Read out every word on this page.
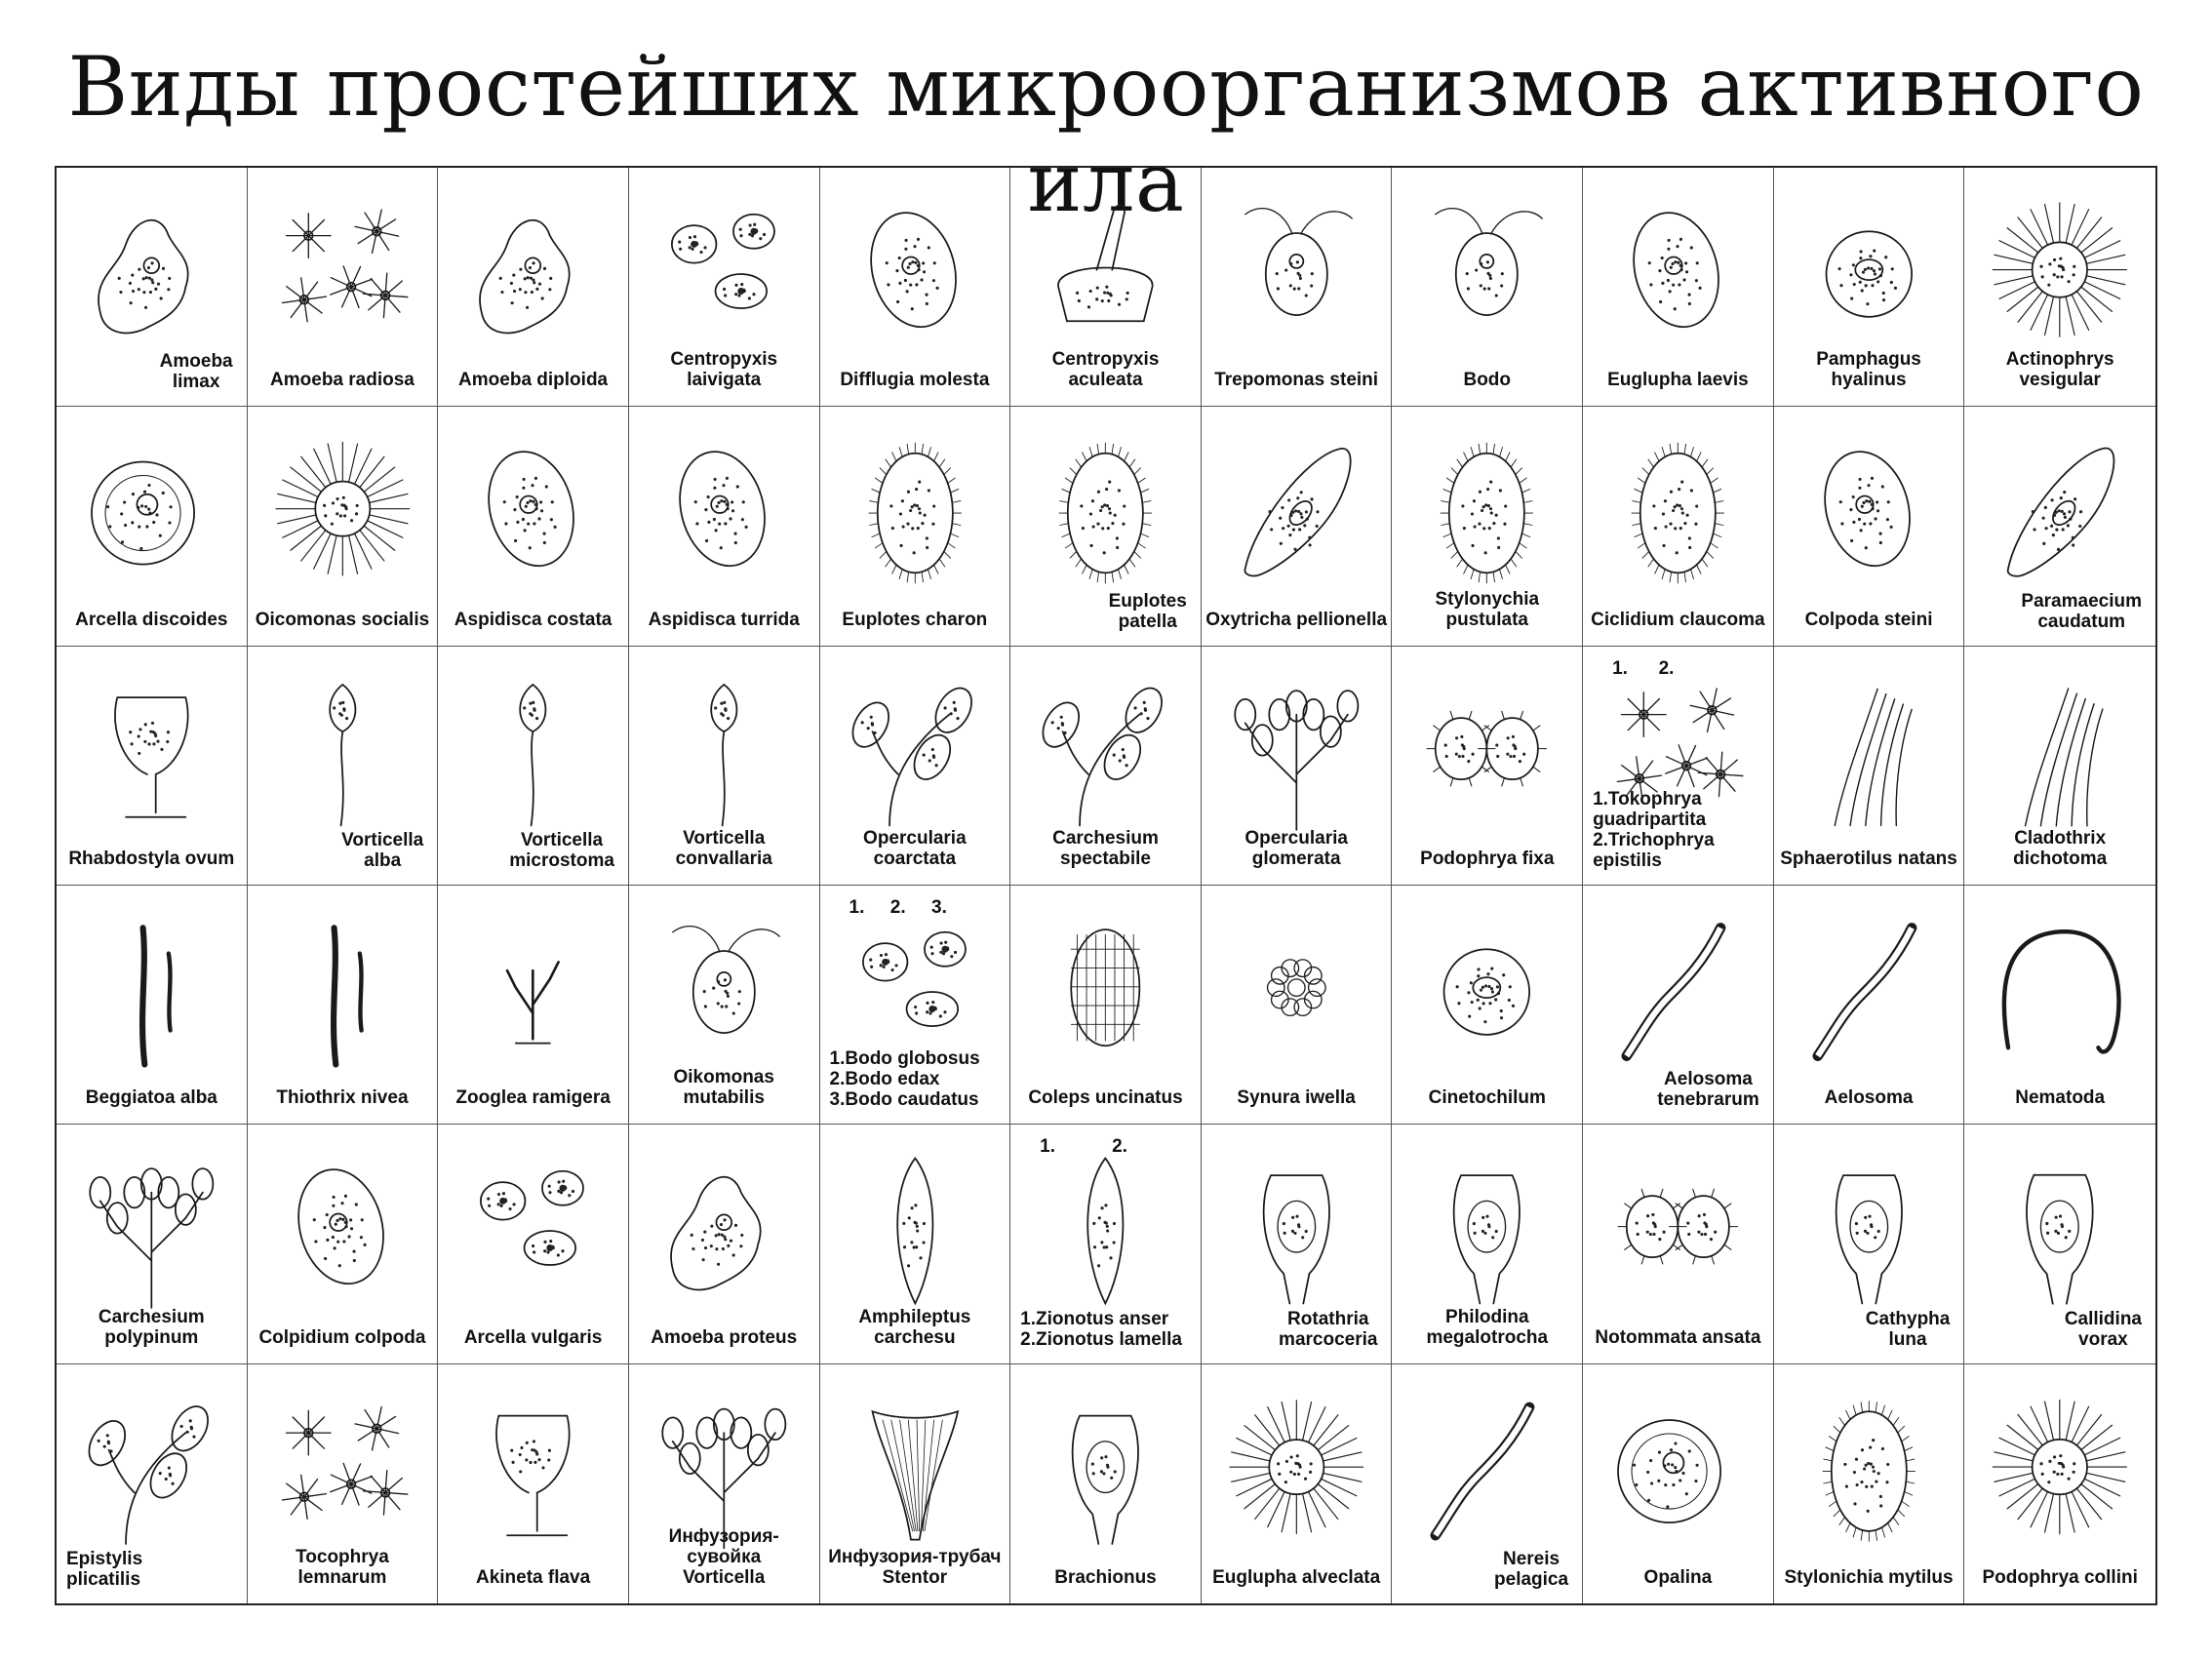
Виды простейших микроорганизмов активного ила
Amoeba
limax	Amoeba radiosa	Amoeba diploida
Centropyxis laivigata	Difflugia molesta
Centropyxis aculeata	Trepomonas steini	Bodo	Euglupha laevis
Pamphagus hyalinus
Actinophrys vesigular
Arcella discoides	Oicomonas socialis	Aspidisca costata	Aspidisca turrida	Euplotes charon
Euplotes
patella	Oxytricha pellionella
Stylonychia pustulata	Ciclidium claucoma	Colpoda steini
Paramaecium
caudatum
Rhabdostyla ovum
Vorticella
alba
Vorticella
microstoma
Vorticella convallaria
Opercularia coarctata
Carchesium spectabile
Opercularia glomerata	Podophrya fixa
1.      2.
1.Tokophrya guadripartita
2.Trichophrya epistilis	Sphaerotilus natans
Cladothrix dichotoma
Beggiatoa alba	Thiothrix nivea	Zooglea ramigera
Oikomonas mutabilis
1.     2.     3.
1.Bodo globosus
2.Bodo edax
3.Bodo caudatus	Coleps uncinatus	Synura iwella	Cinetochilum
Aelosoma
tenebrarum	Aelosoma	Nematoda
Carchesium
polypinum	Colpidium colpoda	Arcella vulgaris	Amoeba proteus
Amphileptus carchesu
1.           2.
1.Zionotus anser
2.Zionotus lamella
Rotathria
marcoceria
Philodina
megalotrocha	Notommata ansata
Cathypha
luna
Callidina
vorax
Epistylis
plicatilis
Tocophrya lemnarum	Akineta flava
Инфузория-сувойка
Vorticella
Инфузория-трубач
Stentor	Brachionus	Euglupha alveclata
Nereis
pelagica	Opalina	Stylonichia mytilus	Podophrya collini
